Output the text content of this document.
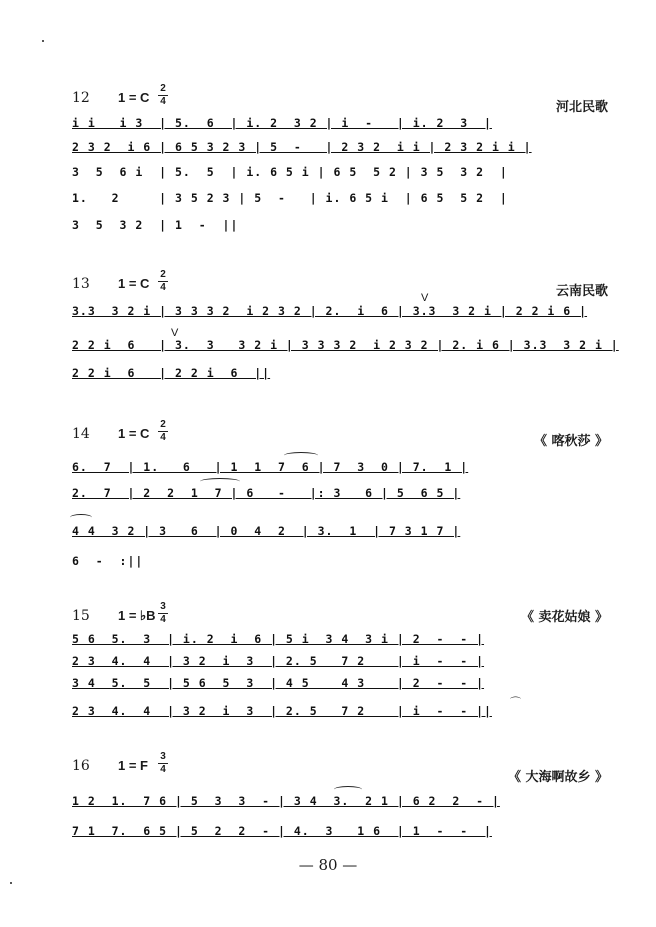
12 1 = C
2
4	河北民歌
i i   i 3  | 5.  6  | i. 2  3 2 | i  -   | i. 2  3  |
2 3 2  i 6 | 6 5 3 2 3 | 5  -   | 2 3 2  i i | 2 3 2 i i |
3  5  6 i  | 5.  5  | i. 6 5 i | 6 5  5 2 | 3 5  3 2  |
1.   2     | 3 5 2 3 | 5  -   | i. 6 5 i  | 6 5  5 2  |
3  5  3 2  | 1  -  ||
13 1 = C
2
4	云南民歌
V
3.3  3 2 i | 3 3 3 2  i 2 3 2 | 2.  i  6 | 3.3  3 2 i | 2 2 i 6 |
V
2 2 i  6   | 3.  3   3 2 i | 3 3 3 2  i 2 3 2 | 2. i 6 | 3.3  3 2 i |
2 2 i  6   | 2 2 i  6  ||
14 1 = C
2
4	《 喀秋莎 》
6.  7  | 1.   6   | 1  1  7  6 | 7  3  0 | 7.  1 |
2.  7  | 2  2  1  7 | 6   -   |: 3   6 | 5  6 5 |
4 4  3 2 | 3   6  | 0  4  2  | 3.  1  | 7 3 1 7 |
6  -  :||
15 1 = ♭B
3
4	《 卖花姑娘 》
5 6  5.  3  | i. 2  i  6 | 5 i  3 4  3 i | 2  -  - |
2 3  4.  4  | 3 2  i  3  | 2. 5   7 2    | i  -  - |
3 4  5.  5  | 5 6  5  3  | 4 5    4 3    | 2  -  - |
⌒
2 3  4.  4  | 3 2  i  3  | 2. 5   7 2    | i  -  - ||
16 1 = F
3
4
《 大海啊故乡 》
1 2  1.  7 6 | 5  3  3  - | 3 4  3.  2 1 | 6 2  2  - |
7 1  7.  6 5 | 5  2  2  - | 4.  3   1 6  | 1  -  -  |
— 80 —
